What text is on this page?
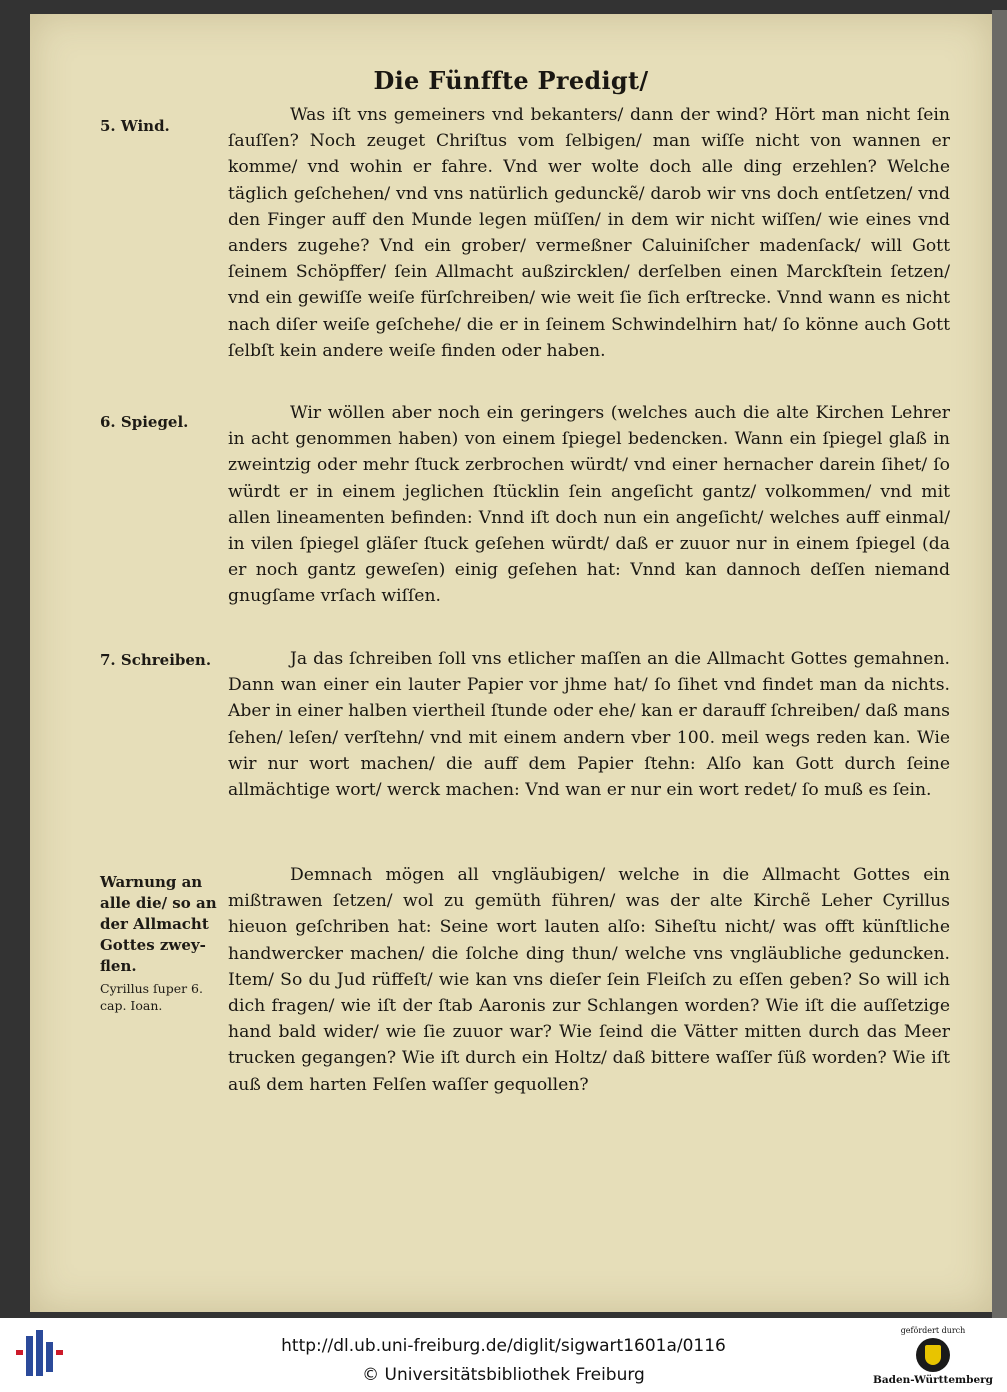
Die Fünffte Predigt/
5. Wind.
6. Spiegel.
7. Schreiben.
Warnung an
alle die/ so an
der Allmacht
Gottes zwey-
flen.
Cyrillus ſuper 6.
cap. Ioan.

Was iſt vns gemeiners vnd bekanters/ dann der wind? Hört man nicht ſein ſauſſen? Noch zeuget Chriſtus vom ſelbigen/ man wiſſe nicht von wannen er komme/ vnd wohin er fahre. Vnd wer wolte doch alle ding erzehlen? Welche täglich geſchehen/ vnd vns natürlich gedunckẽ/ darob wir vns doch entſetzen/ vnd den Finger auff den Munde legen müſſen/ in dem wir nicht wiſſen/ wie eines vnd anders zugehe? Vnd ein grober/ vermeßner Caluiniſcher madenſack/ will Gott ſeinem Schöpffer/ ſein Allmacht außzircklen/ derſelben einen Marckſtein ſetzen/ vnd ein gewiſſe weiſe fürſchreiben/ wie weit ſie ſich erſtrecke. Vnnd wann es nicht nach diſer weiſe geſchehe/ die er in ſeinem Schwindelhirn hat/ ſo könne auch Gott ſelbſt kein andere weiſe finden oder haben.

Wir wöllen aber noch ein geringers (welches auch die alte Kirchen Lehrer in acht genommen haben) von einem ſpiegel bedencken. Wann ein ſpiegel glaß in zweintzig oder mehr ſtuck zerbrochen würdt/ vnd einer hernacher darein ſihet/ ſo würdt er in einem jeglichen ſtücklin ſein angeſicht gantz/ volkommen/ vnd mit allen lineamenten befinden: Vnnd iſt doch nun ein angeſicht/ welches auff einmal/ in vilen ſpiegel gläſer ſtuck geſehen würdt/ daß er zuuor nur in einem ſpiegel (da er noch gantz geweſen) einig geſehen hat: Vnnd kan dannoch deſſen niemand gnugſame vrſach wiſſen.

Ja das ſchreiben ſoll vns etlicher maſſen an die Allmacht Gottes gemahnen. Dann wan einer ein lauter Papier vor jhme hat/ ſo ſihet vnd findet man da nichts. Aber in einer halben viertheil ſtunde oder ehe/ kan er darauff ſchreiben/ daß mans ſehen/ leſen/ verſtehn/ vnd mit einem andern vber 100. meil wegs reden kan. Wie wir nur wort machen/ die auff dem Papier ſtehn: Alſo kan Gott durch ſeine allmächtige wort/ werck machen: Vnd wan er nur ein wort redet/ ſo muß es ſein.

Demnach mögen all vngläubigen/ welche in die Allmacht Gottes ein mißtrawen ſetzen/ wol zu gemüth führen/ was der alte Kirchẽ Leher Cyrillus hieuon geſchriben hat: Seine wort lauten alſo: Siheſtu nicht/ was offt künſtliche handwercker machen/ die ſolche ding thun/ welche vns vngläubliche geduncken. Item/ So du Jud rüffeſt/ wie kan vns dieſer ſein Fleiſch zu eſſen geben? So will ich dich fragen/ wie iſt der ſtab Aaronis zur Schlangen worden? Wie iſt die auſſetzige hand bald wider/ wie ſie zuuor war? Wie ſeind die Vätter mitten durch das Meer trucken gegangen? Wie iſt durch ein Holtz/ daß bittere waſſer ſüß worden? Wie iſt auß dem harten Felſen waſſer gequollen?

http://dl.ub.uni-freiburg.de/diglit/sigwart1601a/0116
© Universitätsbibliothek Freiburg
gefördert durch
Baden-Württemberg
